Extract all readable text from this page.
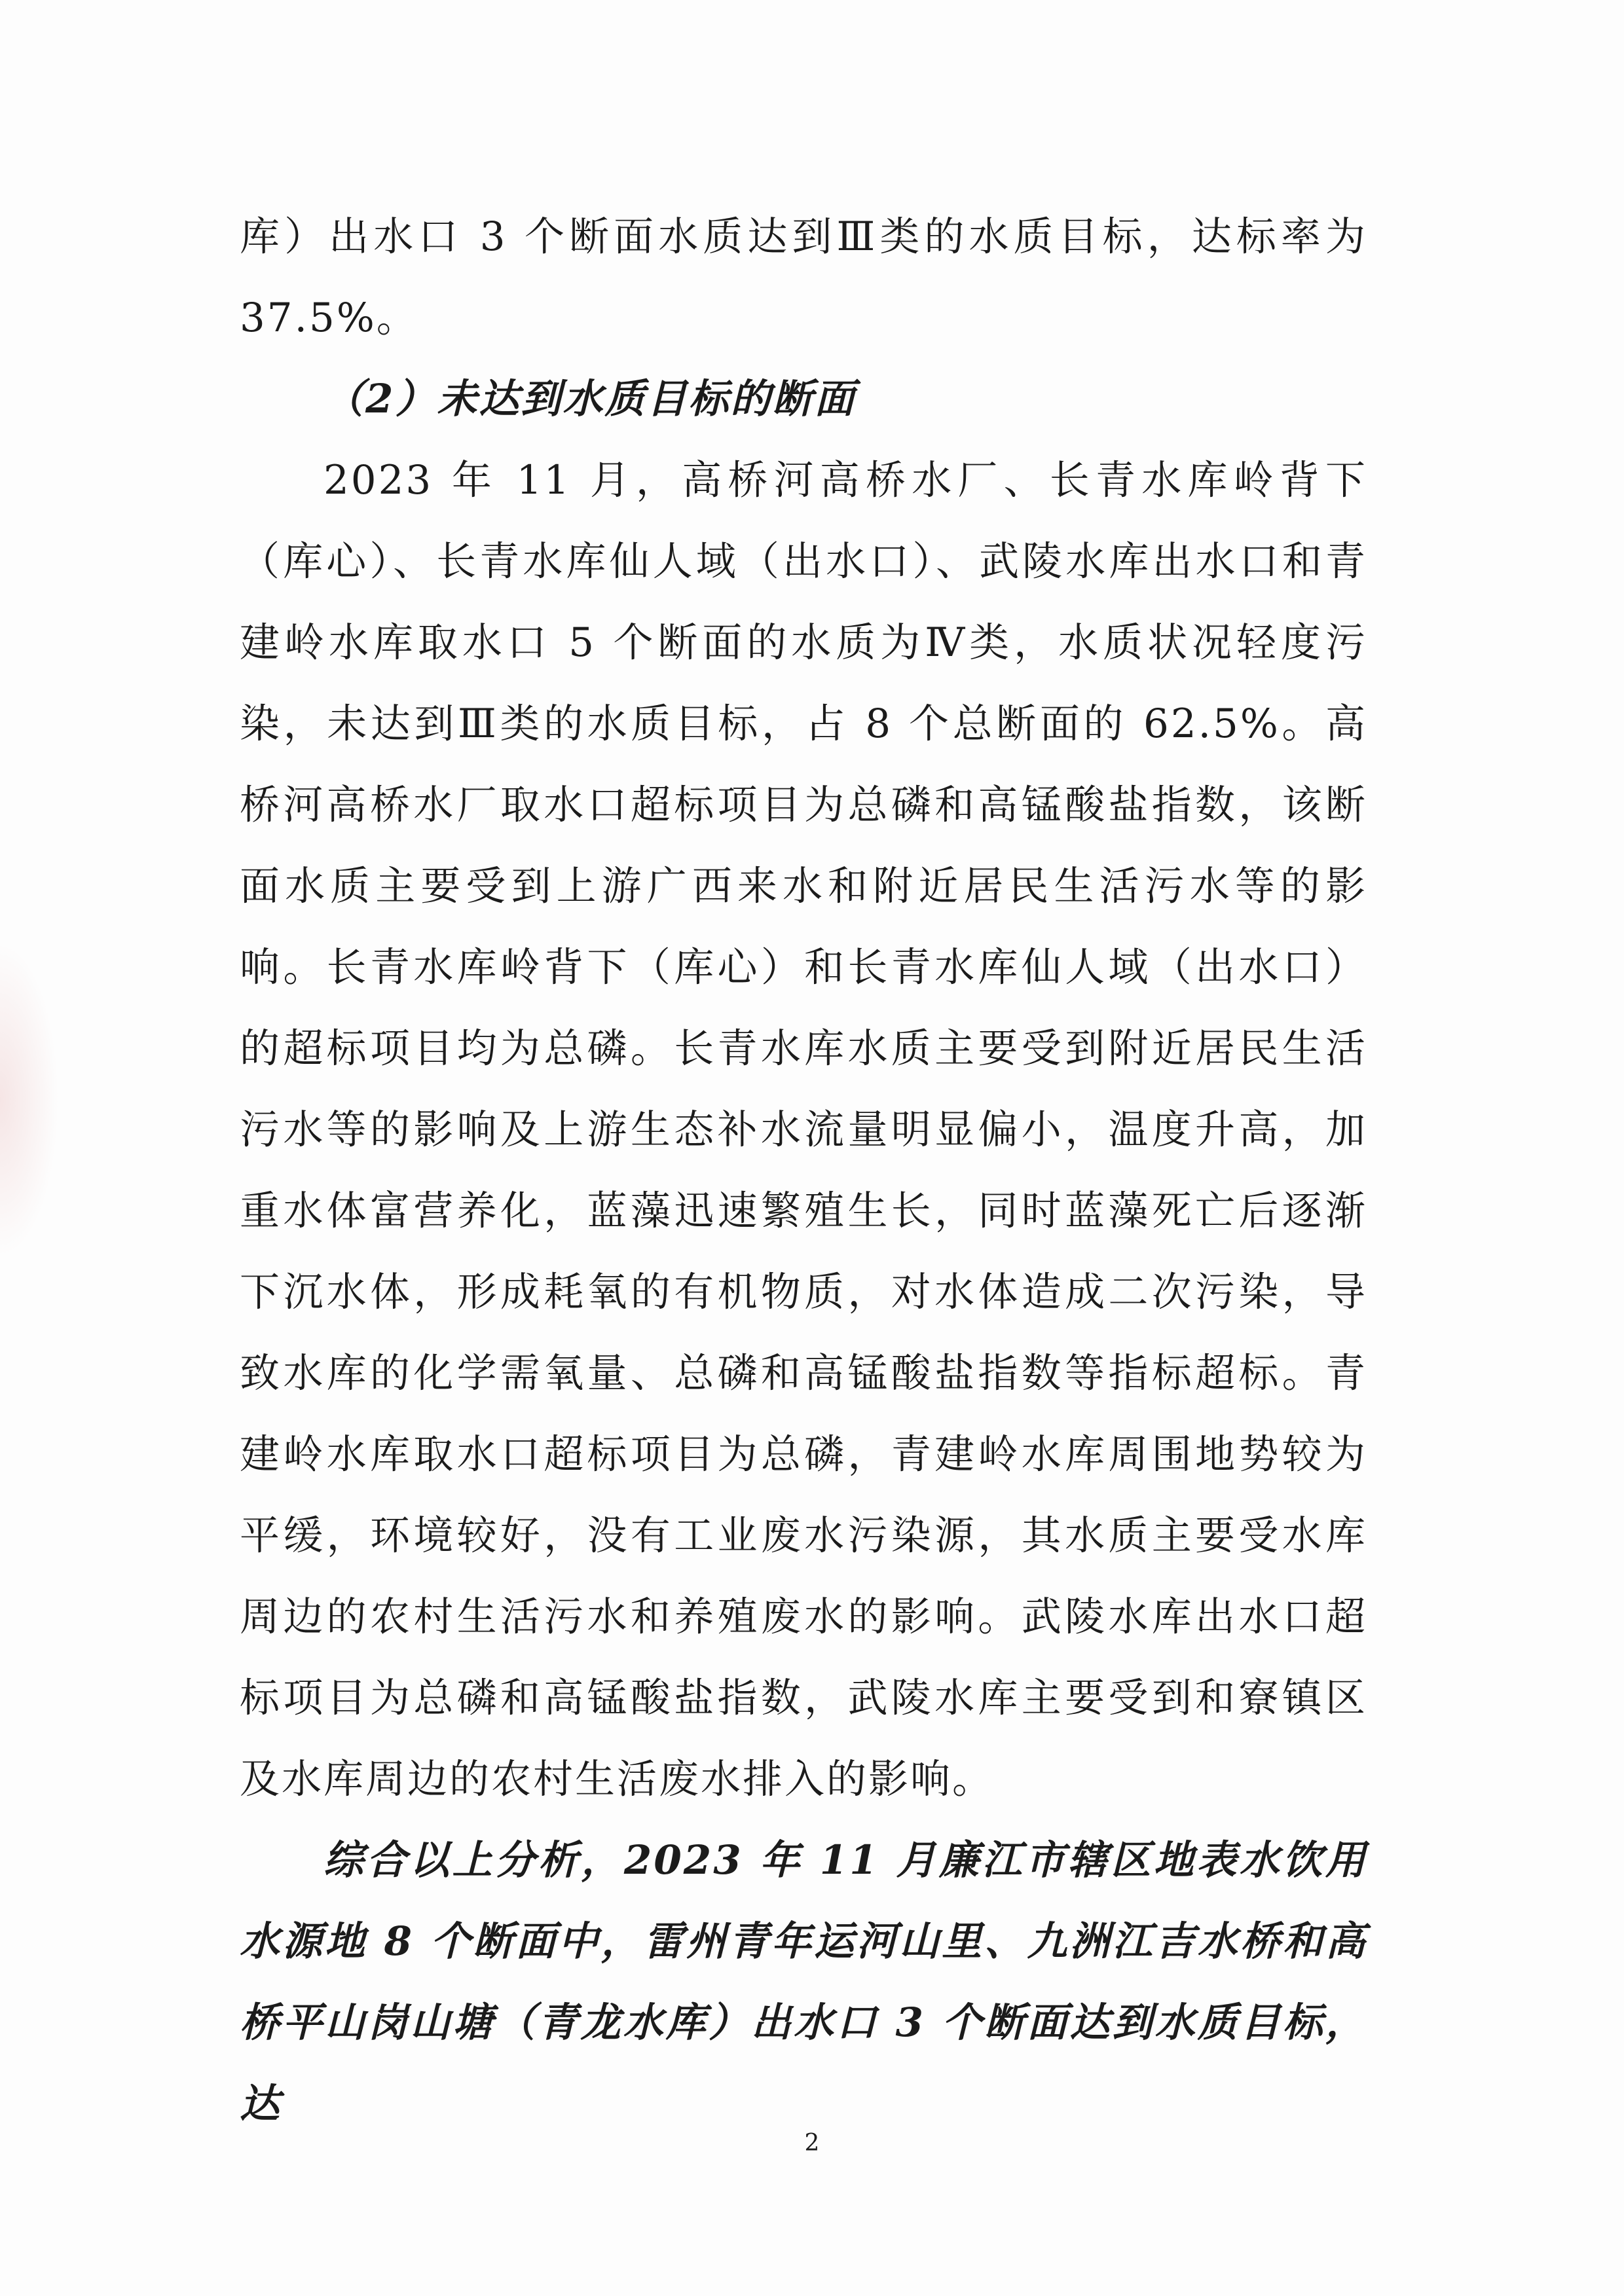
库）出水口 3 个断面水质达到Ⅲ类的水质目标，达标率为 37.5%。

（2）未达到水质目标的断面

2023 年 11 月，高桥河高桥水厂、长青水库岭背下（库心）、长青水库仙人域（出水口）、武陵水库出水口和青建岭水库取水口 5 个断面的水质为Ⅳ类，水质状况轻度污染，未达到Ⅲ类的水质目标，占 8 个总断面的 62.5%。高桥河高桥水厂取水口超标项目为总磷和高锰酸盐指数，该断面水质主要受到上游广西来水和附近居民生活污水等的影响。长青水库岭背下（库心）和长青水库仙人域（出水口）的超标项目均为总磷。长青水库水质主要受到附近居民生活污水等的影响及上游生态补水流量明显偏小，温度升高，加重水体富营养化，蓝藻迅速繁殖生长，同时蓝藻死亡后逐渐下沉水体，形成耗氧的有机物质，对水体造成二次污染，导致水库的化学需氧量、总磷和高锰酸盐指数等指标超标。青建岭水库取水口超标项目为总磷，青建岭水库周围地势较为平缓，环境较好，没有工业废水污染源，其水质主要受水库周边的农村生活污水和养殖废水的影响。武陵水库出水口超标项目为总磷和高锰酸盐指数，武陵水库主要受到和寮镇区及水库周边的农村生活废水排入的影响。

综合以上分析，2023 年 11 月廉江市辖区地表水饮用水源地 8 个断面中，雷州青年运河山里、九洲江吉水桥和高桥平山岗山塘（青龙水库）出水口 3 个断面达到水质目标，达

2
